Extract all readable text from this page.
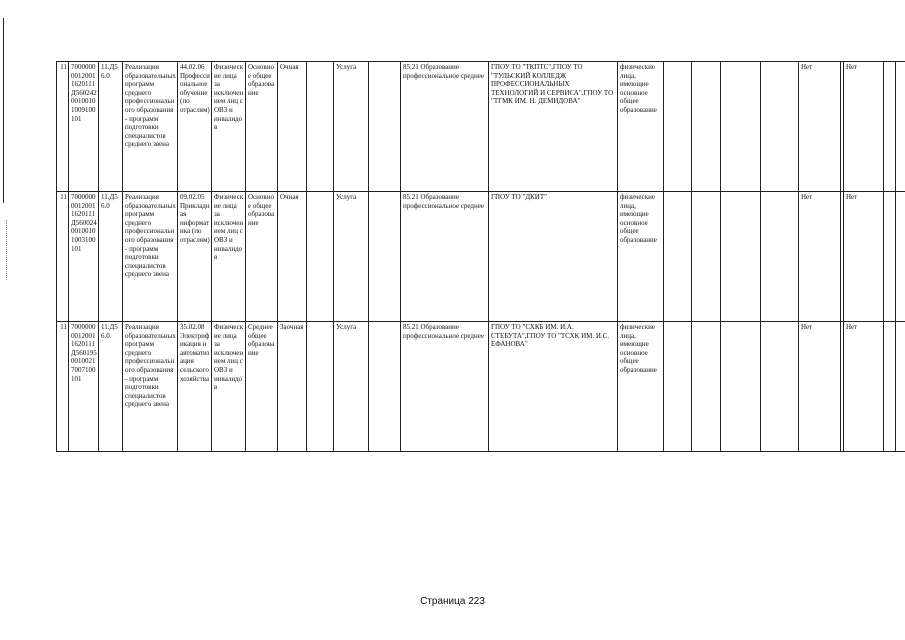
11	700000000120011620111Д56024200100101009100101	11.Д56.0	Реализация образовательных программ среднего профессионального образования - программ подготовки специалистов среднего звена	44.02.06 Профессиональное обучение (по отраслям)	Физические лица за исключением лиц с ОВЗ и инвалидов	Основное общее образование	Очная		Услуга		85.21 Образование профессиональное среднее	ГПОУ ТО "ТКПТС",ГПОУ ТО "ТУЛЬСКИЙ КОЛЛЕДЖ ПРОФЕССИОНАЛЬНЫХ ТЕХНОЛОГИЙ И СЕРВИСА",ГПОУ ТО "ТГМК ИМ. Н. ДЕМИДОВА"	физические лица, имеющие основное общее образование					Нет		Нет		
11	700000000120011620111Д56002400100101003100101	11.Д56.0	Реализация образовательных программ среднего профессионального образования - программ подготовки специалистов среднего звена	09.02.05 Прикладная информатика (по отраслям)	Физические лица за исключением лиц с ОВЗ и инвалидов	Основное общее образование	Очная		Услуга		85.21 Образование профессиональное среднее	ГПОУ ТО "ДКИТ"	физические лица, имеющие основное общее образование					Нет		Нет		
11	700000000120011620111Д56019500100217007100101	11.Д56.0	Реализация образовательных программ среднего профессионального образования - программ подготовки специалистов среднего звена	35.02.08 Электрификация и автоматизация сельского хозяйства	Физические лица за исключением лиц с ОВЗ и инвалидов	Среднее общее образование	Заочная		Услуга		85.21 Образование профессиональное среднее	ГПОУ ТО "СХКБ ИМ. И.А. СТЕБУТА",ГПОУ ТО "ТСХК ИМ. И.С. ЕФАНОВА"	физические лица, имеющие основное общее образование					Нет		Нет		
Страница 223
